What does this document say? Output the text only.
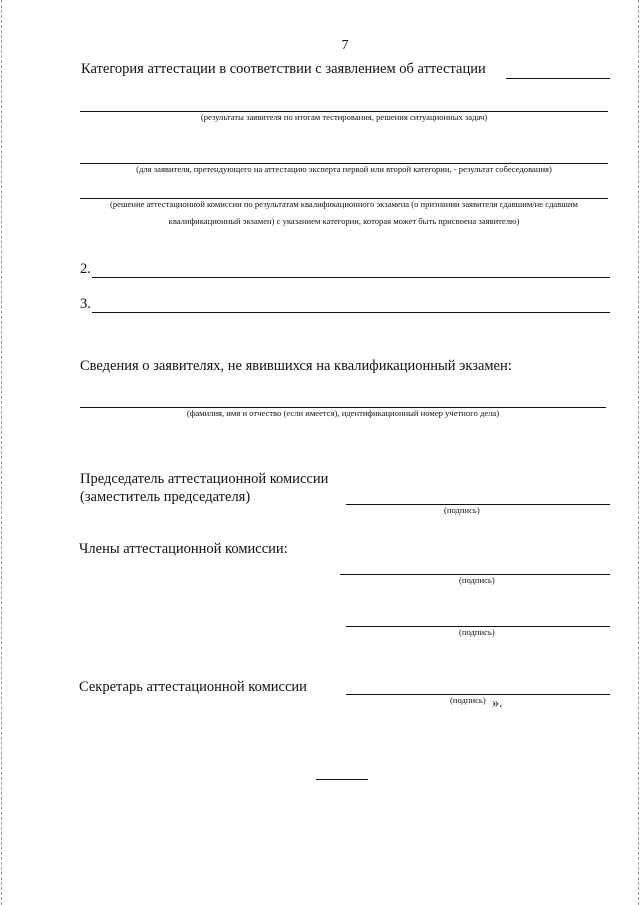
7
Категория аттестации в соответствии с заявлением об аттестации
(результаты заявителя по итогам тестирования, решения ситуационных задач)
(для заявителя, претендующего на аттестацию эксперта первой или второй категории, - результат собеседования)
(решение аттестационной комиссии по результатам квалификационного экзамена (о признании заявителя сдавшим/не сдавшим
квалификационный экзамен) с указанием категории, которая может быть присвоена заявителю)
2.
3.
Сведения о заявителях, не явившихся на квалификационный экзамен:
(фамилия, имя и отчество (если имеется), идентификационный номер учетного дела)
Председатель аттестационной комиссии
(заместитель председателя)
(подпись)
Члены аттестационной комиссии:
(подпись)
(подпись)
Секретарь аттестационной комиссии
(подпись) ».
